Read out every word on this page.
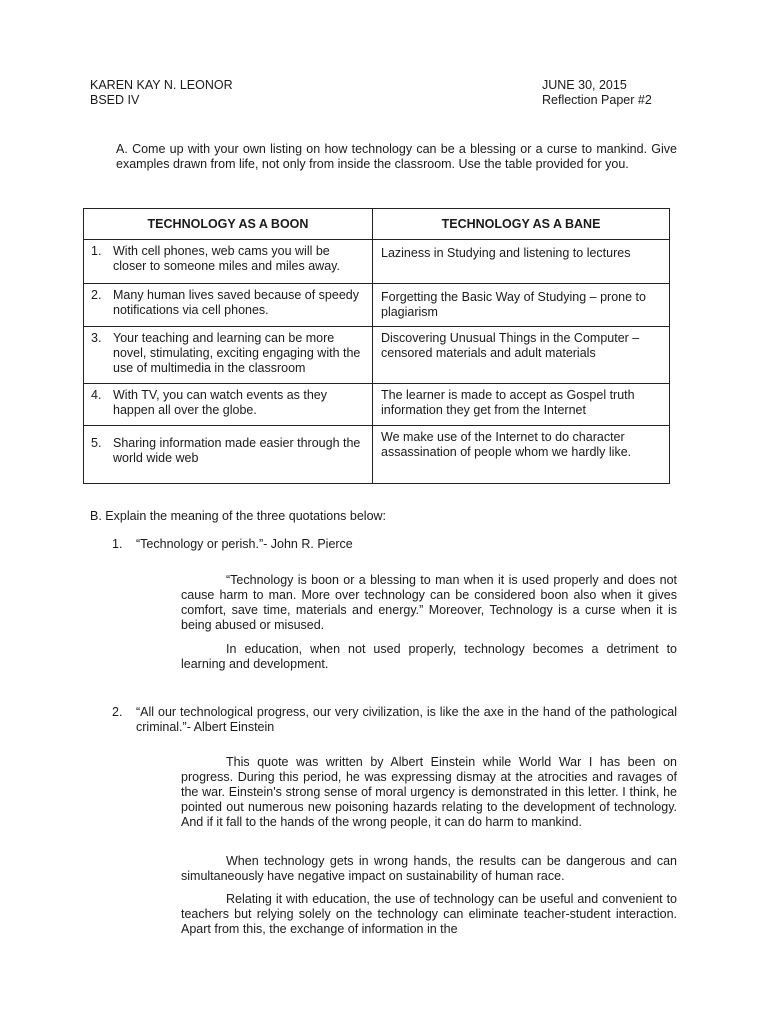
KAREN KAY N. LEONOR
BSED IV
JUNE 30, 2015
Reflection Paper #2
A. Come up with your own listing on how technology can be a blessing or a curse to mankind. Give examples drawn from life, not only from inside the classroom. Use the table provided for you.
TECHNOLOGY AS A BOON	TECHNOLOGY AS A BANE

1. With cell phones, web cams you will be closer to someone miles and miles away.	Laziness in Studying and listening to lectures

2. Many human lives saved because of speedy notifications via cell phones.	Forgetting the Basic Way of Studying – prone to plagiarism

3. Your teaching and learning can be more novel, stimulating, exciting engaging with the use of multimedia in the classroom	Discovering Unusual Things in the Computer – censored materials and adult materials

4. With TV, you can watch events as they happen all over the globe.	The learner is made to accept as Gospel truth information they get from the Internet

5. Sharing information made easier through the world wide web	We make use of the Internet to do character assassination of people whom we hardly like.
B. Explain the meaning of the three quotations below:
1.	“Technology or perish.”- John R. Pierce
“Technology is boon or a blessing to man when it is used properly and does not cause harm to man. More over technology can be considered boon also when it gives comfort, save time, materials and energy.” Moreover, Technology is a curse when it is being abused or misused.
In education, when not used properly, technology becomes a detriment to learning and development.
2.	“All our technological progress, our very civilization, is like the axe in the hand of the pathological criminal.”- Albert Einstein
This quote was written by Albert Einstein while World War I has been on progress. During this period, he was expressing dismay at the atrocities and ravages of the war. Einstein's strong sense of moral urgency is demonstrated in this letter. I think, he pointed out numerous new poisoning hazards relating to the development of technology. And if it fall to the hands of the wrong people, it can do harm to mankind.
When technology gets in wrong hands, the results can be dangerous and can simultaneously have negative impact on sustainability of human race.
Relating it with education, the use of technology can be useful and convenient to teachers but relying solely on the technology can eliminate teacher-student interaction. Apart from this, the exchange of information in the
